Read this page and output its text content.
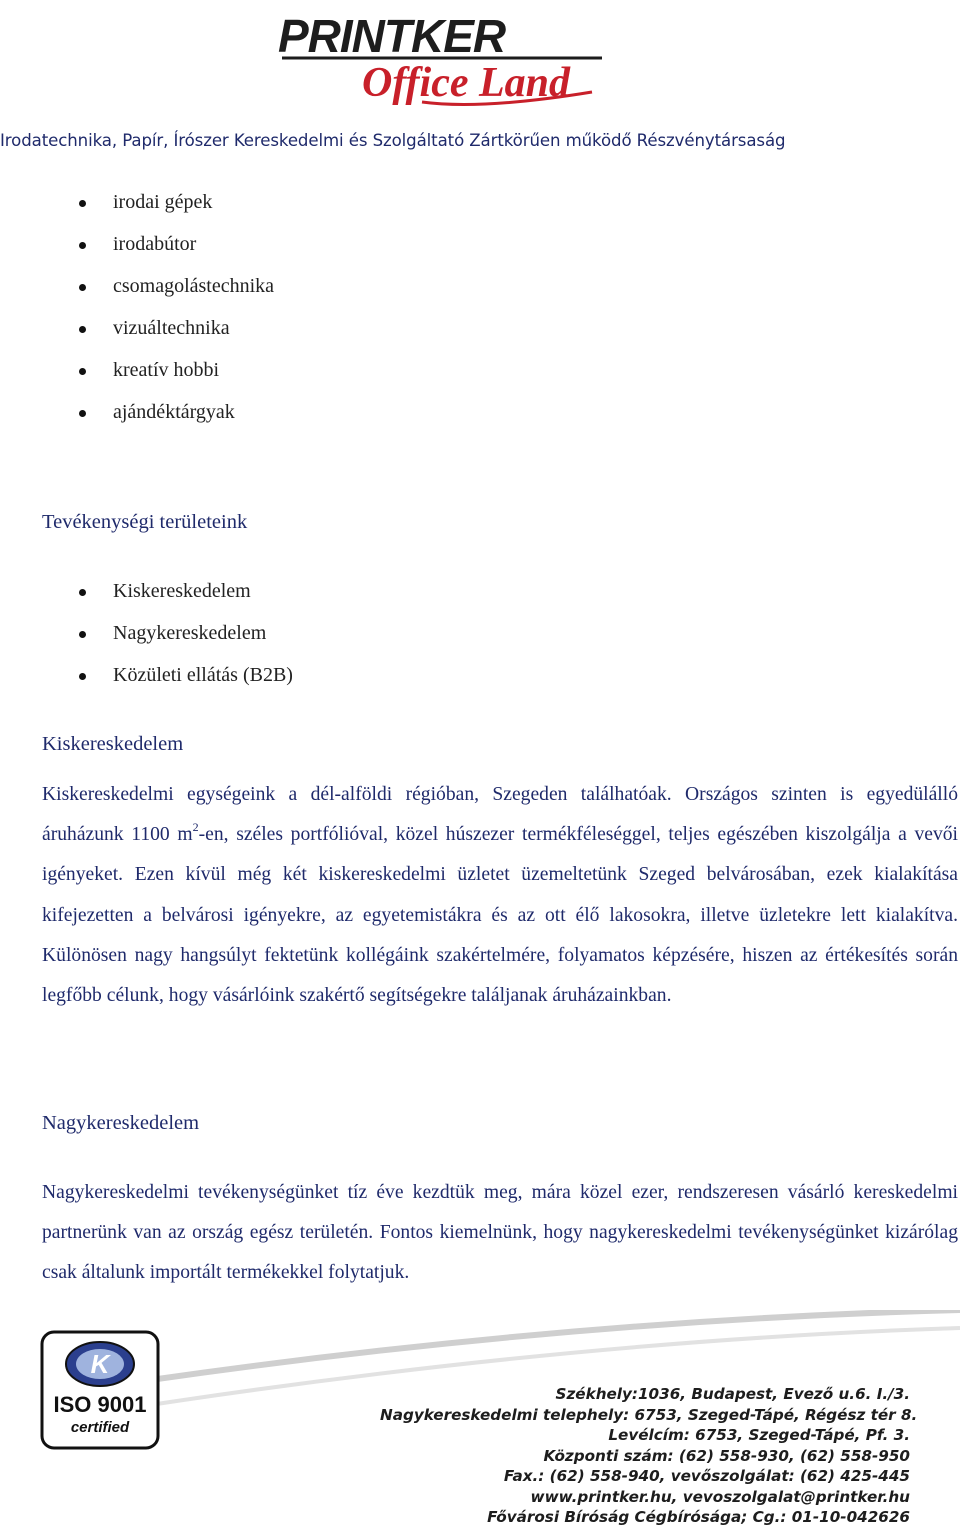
PRINTKER
Office Land
Irodatechnika, Papír, Írószer Kereskedelmi és Szolgáltató Zártkörűen működő Részvénytársaság
irodai gépek
irodabútor
csomagolástechnika
vizuáltechnika
kreatív hobbi
ajándéktárgyak
Tevékenységi területeink
Kiskereskedelem
Nagykereskedelem
Közületi ellátás (B2B)
Kiskereskedelem

Kiskereskedelmi egységeink a dél-alföldi régióban, Szegeden találhatóak. Országos szinten is egyedülálló áruházunk 1100 $m^2-en$, széles portfólióval, közel húszezer termékféleséggel, teljes egészében kiszolgálja a vevői igényeket. Ezen kívül még két kiskereskedelmi üzletet üzemeltetünk Szeged belvárosában, ezek kialakítása kifejezetten a belvárosi igényekre, az egyetemistákra és az ott élő lakosokra, illetve üzletekre lett kialakítva. Különösen nagy hangsúlyt fektetünk kollégáink szakértelmére, folyamatos képzésére, hiszen az értékesítés során legfőbb célunk, hogy vásárlóink szakértő segítségekre találjanak áruházainkban.

Nagykereskedelem

Nagykereskedelmi tevékenységünket tíz éve kezdtük meg, mára közel ezer, rendszeresen vásárló kereskedelmi partnerünk van az ország egész területén. Fontos kiemelnünk, hogy nagykereskedelmi tevékenységünket kizárólag csak általunk importált termékekkel folytatjuk.

K
ISO 9001
certified
Székhely:1036, Budapest, Evező u.6. I./3.
Nagykereskedelmi telephely: 6753, Szeged-Tápé, Régész tér 8.
Levélcím: 6753, Szeged-Tápé, Pf. 3.
Központi szám: (62) 558-930, (62) 558-950
Fax.: (62) 558-940, vevőszolgálat: (62) 425-445
www.printker.hu, vevoszolgalat@printker.hu
Fővárosi Bíróság Cégbírósága; Cg.: 01-10-042626
